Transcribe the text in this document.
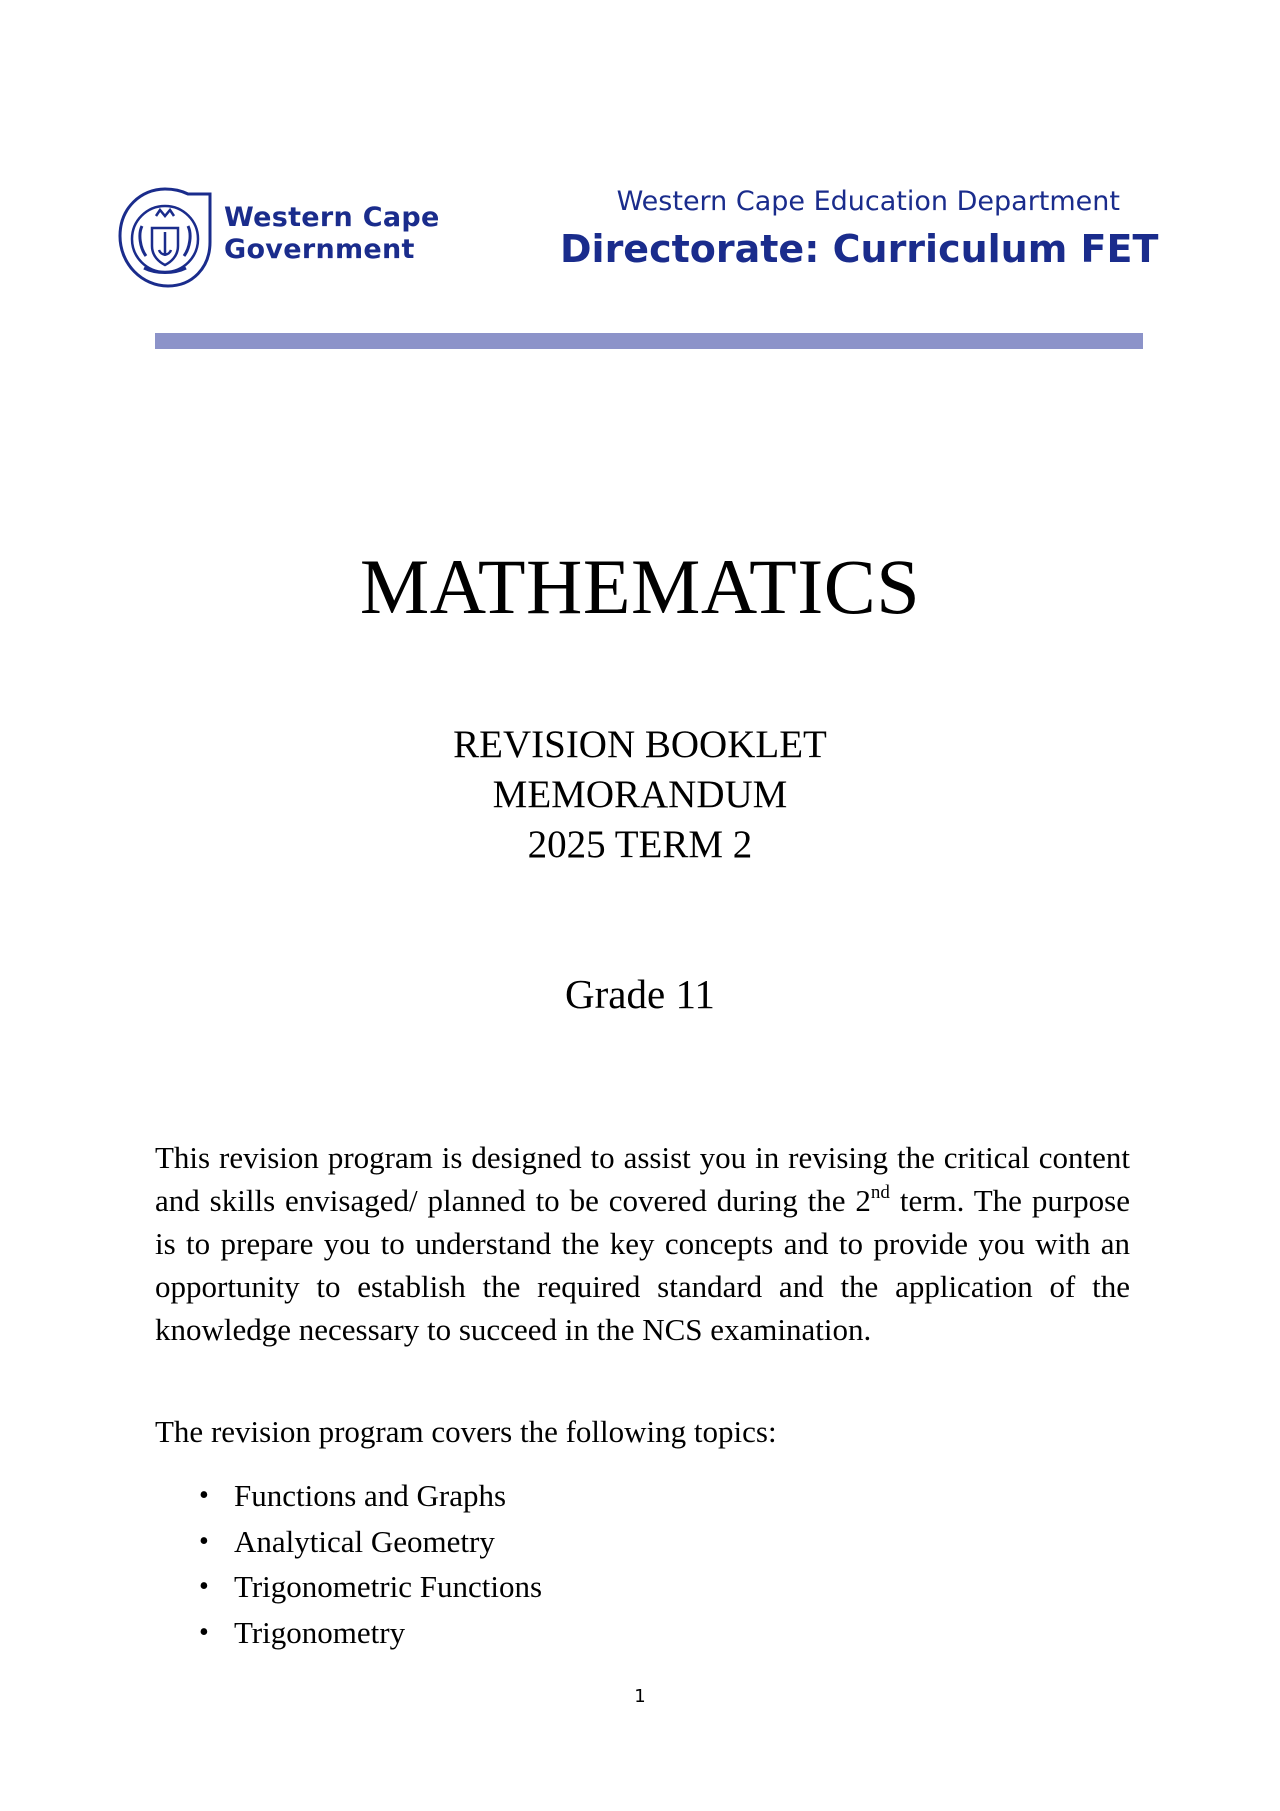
Western Cape
Government
Western Cape Education Department
Directorate: Curriculum FET
MATHEMATICS
REVISION BOOKLET
MEMORANDUM
2025 TERM 2
Grade 11

This revision program is designed to assist you in revising the critical content and skills envisaged/ planned to be covered during the 2nd term. The purpose is to prepare you to understand the key concepts and to provide you with an opportunity to establish the required standard and the application of the knowledge necessary to succeed in the NCS examination.

The revision program covers the following topics:

• Functions and Graphs
• Analytical Geometry
• Trigonometric Functions
• Trigonometry
1
